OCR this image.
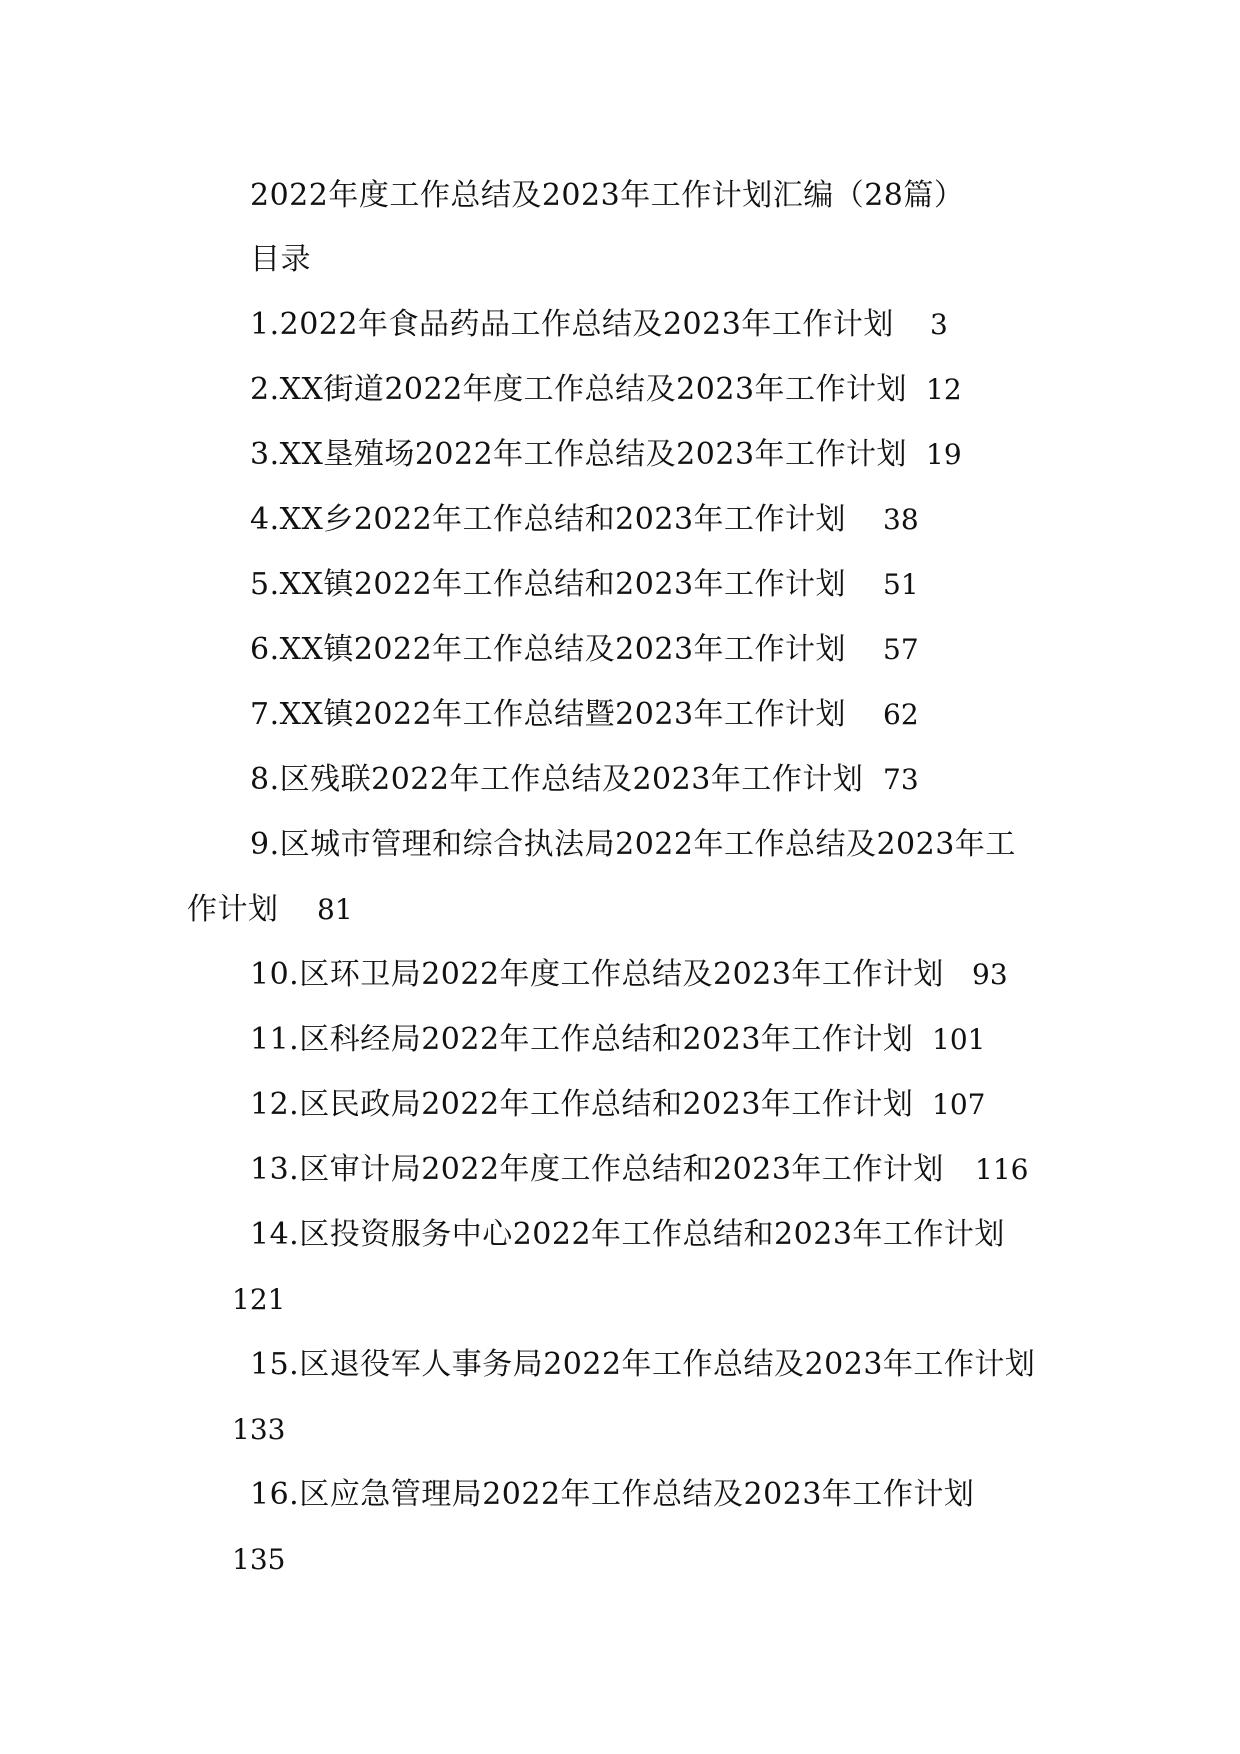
2022年度工作总结及2023年工作计划汇编（28篇）
目录
1.2022年食品药品工作总结及2023年工作计划 3
2.XX街道2022年度工作总结及2023年工作计划 12
3.XX垦殖场2022年工作总结及2023年工作计划 19
4.XX乡2022年工作总结和2023年工作计划 38
5.XX镇2022年工作总结和2023年工作计划 51
6.XX镇2022年工作总结及2023年工作计划 57
7.XX镇2022年工作总结暨2023年工作计划 62
8.区残联2022年工作总结及2023年工作计划 73
9.区城市管理和综合执法局2022年工作总结及2023年工
作计划 81
10.区环卫局2022年度工作总结及2023年工作计划 93
11.区科经局2022年工作总结和2023年工作计划 101
12.区民政局2022年工作总结和2023年工作计划 107
13.区审计局2022年度工作总结和2023年工作计划 116
14.区投资服务中心2022年工作总结和2023年工作计划
121
15.区退役军人事务局2022年工作总结及2023年工作计划
133
16.区应急管理局2022年工作总结及2023年工作计划
135
